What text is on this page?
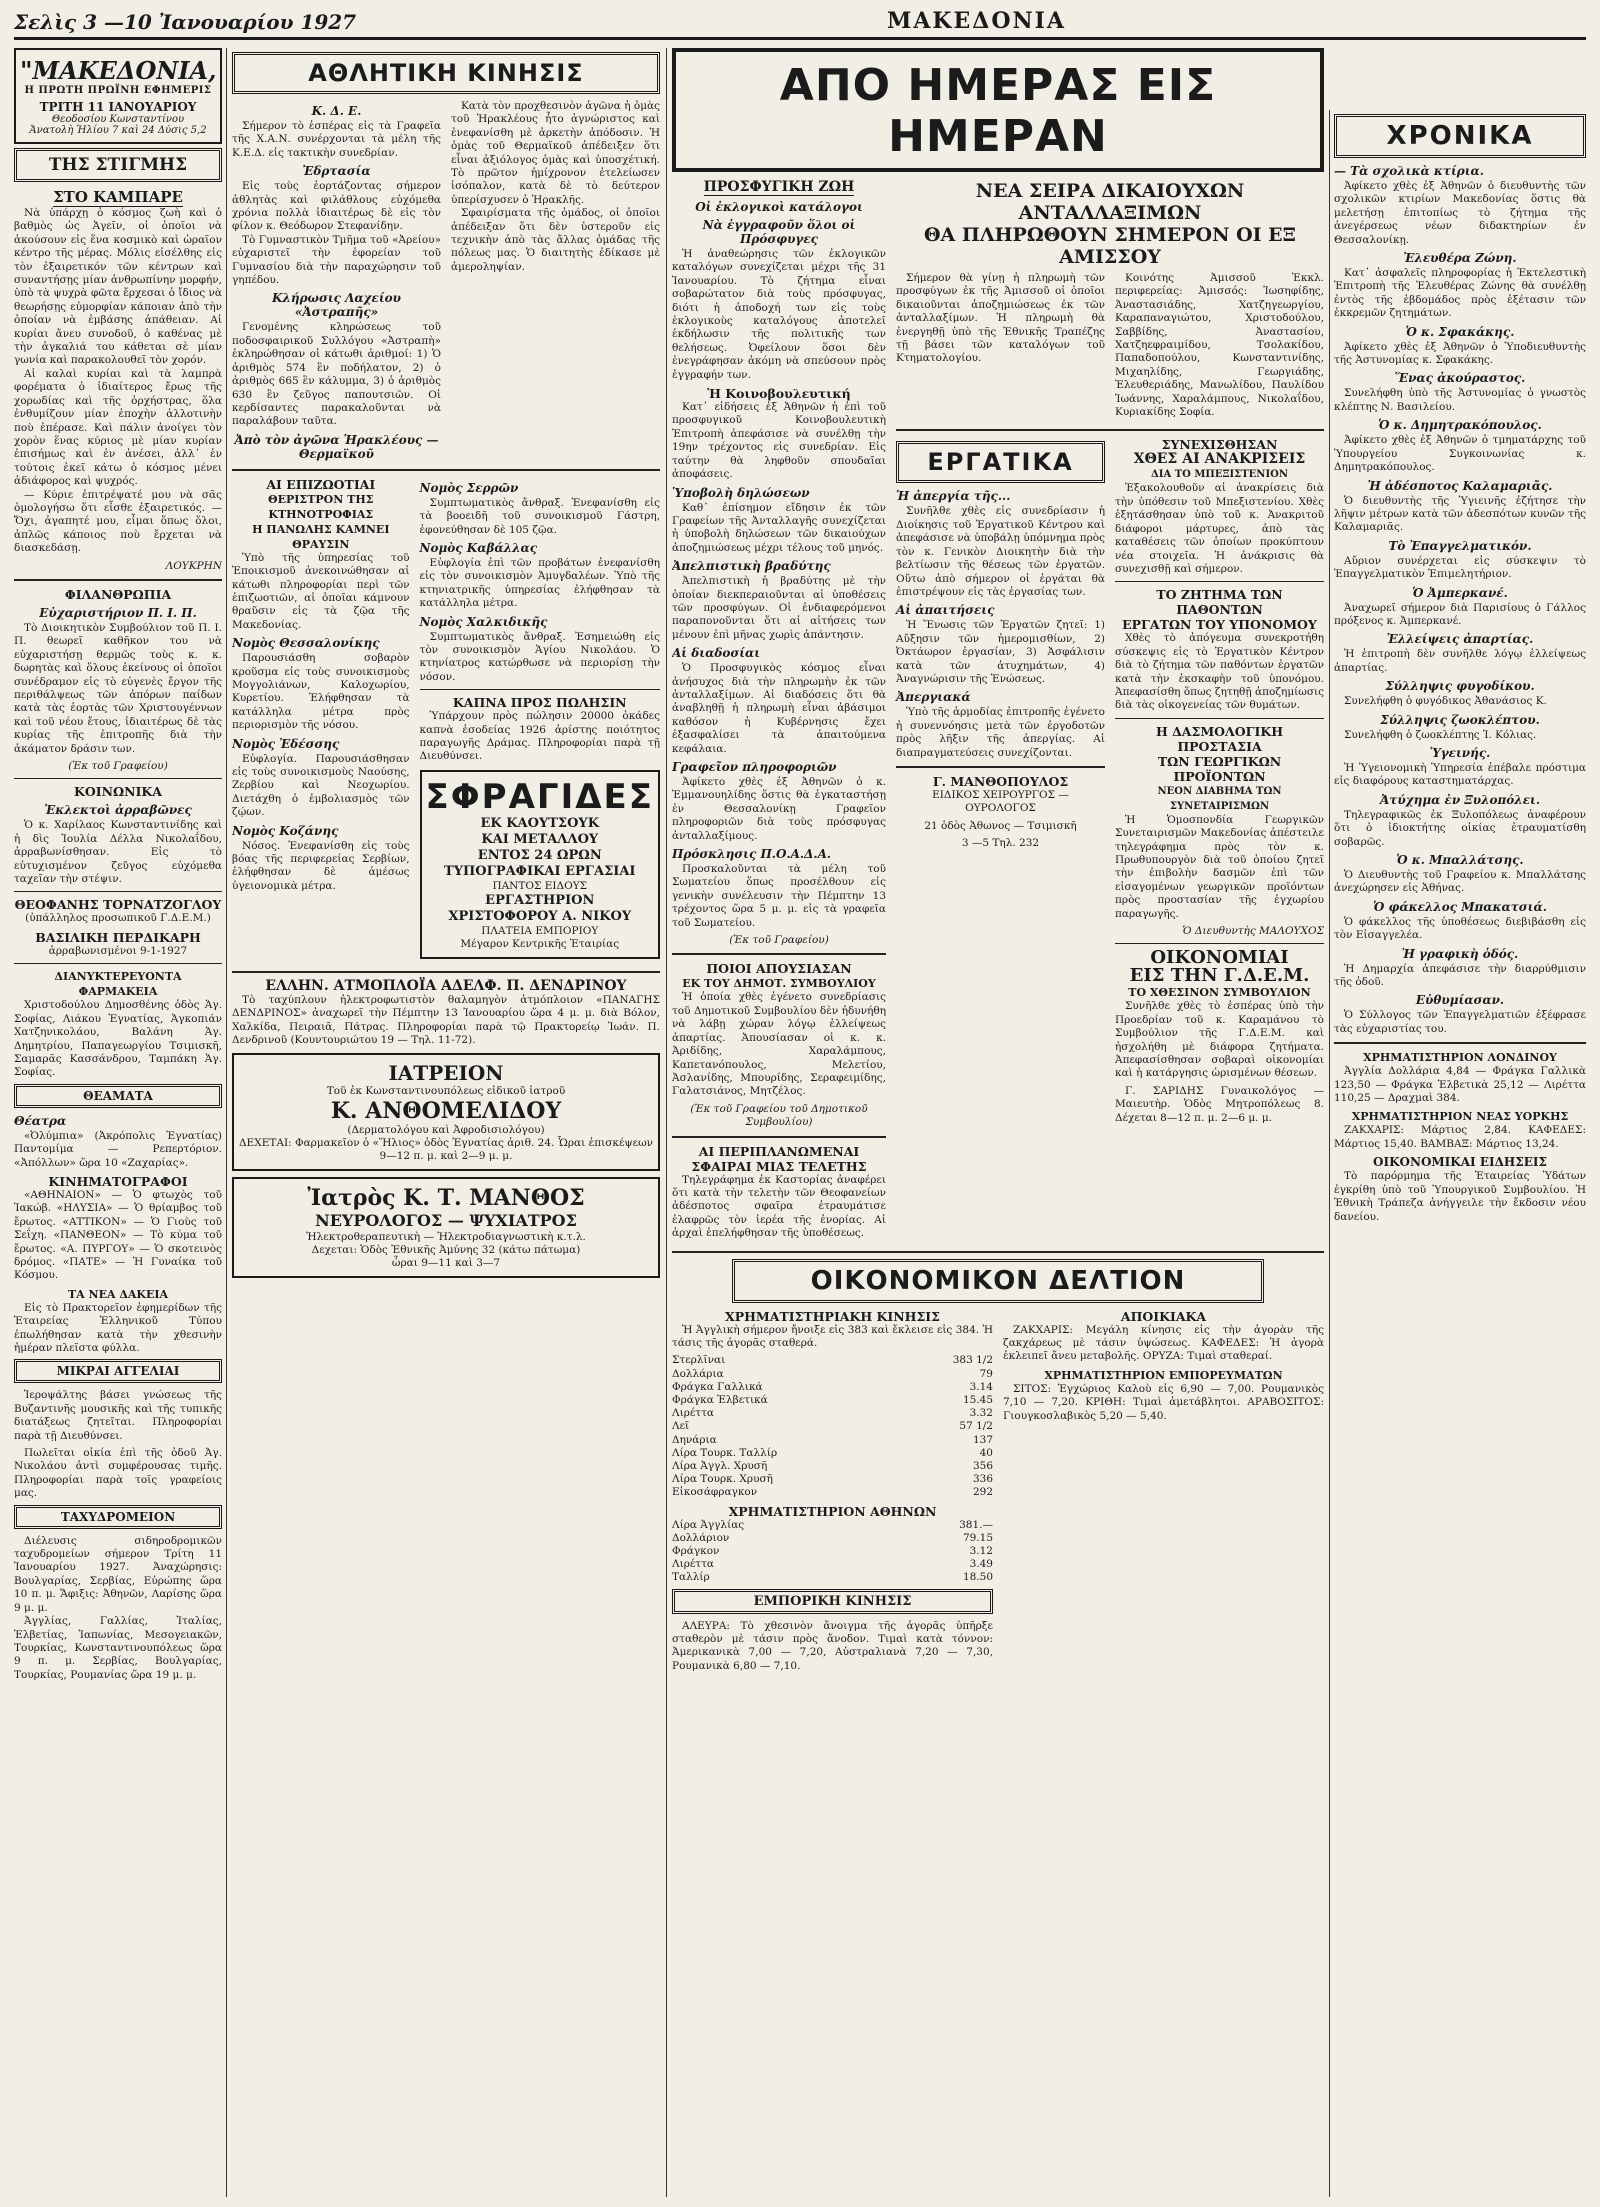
Σελὶς 3 —10 Ἰανουαρίου 1927	ΜΑΚΕΔΟΝΙΑ
"ΜΑΚΕΔΟΝΙΑ,
Η ΠΡΩΤΗ ΠΡΩΪΝΗ ΕΦΗΜΕΡΙΣ
ΤΡΙΤΗ 11 ΙΑΝΟΥΑΡΙΟΥ
Θεοδοσίου Κωνσταντίνου
Ἀνατολὴ Ἡλίου 7 καὶ 24 Δύσις 5,2
ΤΗΣ ΣΤΙΓΜΗΣ
ΣΤΟ ΚΑΜΠΑΡΕ

Νὰ ὑπάρχῃ ὁ κόσμος ζωὴ καὶ ὁ βαθμὸς ὡς Ἀγεῖν, οἱ ὁποῖοι νὰ ἀκούσουν εἰς ἕνα κοσμικὸ καὶ ὡραῖον κέντρο τῆς μέρας. Μόλις εἰσέλθης εἰς τὸν ἐξαιρετικόν τῶν κέντρων καὶ συναντήσῃς μίαν ἀνθρωπίνην μορφήν, ὑπὸ τὰ ψυχρὰ φῶτα ἔρχεσαι ὁ ἴδιος νὰ θεωρήσῃς εὐμορφίαν κάποιαν ἀπὸ τὴν ὁποίαν νὰ ἐμβάσης ἀπάθειαν. Αἱ κυρίαι ἄνευ συνοδοῦ, ὁ καθένας μὲ τὴν ἀγκαλιά του κάθεται σὲ μίαν γωνία καὶ παρακολουθεῖ τὸν χορόν.

Αἰ καλαὶ κυρίαι καὶ τὰ λαμπρὰ φορέματα ὁ ἰδιαίτερος ἔρως τῆς χορωδίας καὶ τῆς ὀρχήστρας, ὅλα ἐνθυμίζουν μίαν ἐποχὴν ἀλλοτινὴν ποὺ ἐπέρασε. Καὶ πάλιν ἀνοίγει τὸν χορὸν ἕνας κύριος μὲ μίαν κυρίαν ἐπισήμως καὶ ἐν ἀνέσει, ἀλλ᾽ ἐν τούτοις ἐκεῖ κάτω ὁ κόσμος μένει ἀδιάφορος καὶ ψυχρός.

— Κύριε ἐπιτρέψατέ μου νὰ σᾶς ὁμολογήσω ὅτι εἶσθε ἐξαιρετικός. — Ὄχι, ἀγαπητέ μου, εἶμαι ὅπως ὅλοι, ἀπλῶς κάποιος ποὺ ἔρχεται νὰ διασκεδάσῃ.

ΛΟΥΚΡΗΝ
ΦΙΛΑΝΘΡΩΠΙΑ
Εὐχαριστήριον Π. Ι. Π.

Τὸ Διοικητικὸν Συμβούλιον τοῦ Π. Ι. Π. θεωρεῖ καθῆκον του νὰ εὐχαριστήσῃ θερμῶς τοὺς κ. κ. δωρητὰς καὶ ὅλους ἐκείνους οἱ ὁποῖοι συνέδραμον εἰς τὸ εὐγενὲς ἔργον τῆς περιθάλψεως τῶν ἀπόρων παίδων κατὰ τὰς ἑορτὰς τῶν Χριστουγέννων καὶ τοῦ νέου ἔτους, ἰδιαιτέρως δὲ τὰς κυρίας τῆς ἐπιτροπῆς διὰ τὴν ἀκάματον δράσιν των.

(Ἐκ τοῦ Γραφείου)
ΚΟΙΝΩΝΙΚΑ
Ἐκλεκτοὶ ἀρραβῶνες

Ὁ κ. Χαρίλαος Κωνσταντινίδης καὶ ἡ δὶς Ἰουλία Δέλλα Νικολαΐδου, ἀρραβωνίσθησαν. Εἰς τὸ εὐτυχισμένον ζεῦγος εὐχόμεθα ταχεῖαν τὴν στέψιν.

ΘΕΟΦΑΝΗΣ ΤΟΡΝΑΤΖΟΓΛΟΥ
(ὑπάλληλος προσωπικοῦ Γ.Δ.Ε.Μ.)
ΒΑΣΙΛΙΚΗ ΠΕΡΔΙΚΑΡΗ
ἀρραβωνισμένοι 9-1-1927
ΔΙΑΝΥΚΤΕΡΕΥΟΝΤΑ ΦΑΡΜΑΚΕΙΑ

Χριστοδούλου Δημοσθένης ὁδὸς Ἁγ. Σοφίας, Λιάκου Ἐγνατίας, Ἀγκοπιάν Χατζηνικολάου, Βαλάνη Ἁγ. Δημητρίου, Παπαγεωργίου Τσιμισκῆ, Σαμαρᾶς Κασσάνδρου, Ταμπάκη Ἁγ. Σοφίας.

ΘΕΑΜΑΤΑ
Θέατρα

«Ὀλύμπια» (Ἀκρόπολις Ἐγνατίας) Παντομίμα — Ρεπερτόριον. «Ἀπόλλων» ὥρα 10 «Ζαχαρίας».

ΚΙΝΗΜΑΤΟΓΡΑΦΟΙ

«ΑΘΗΝΑΙΟΝ» — Ὁ φτωχὸς τοῦ Ἰακώβ. «ΗΛΥΣΙΑ» — Ὁ θρίαμβος τοῦ ἔρωτος. «ΑΤΤΙΚΟΝ» — Ὁ Γιοὺς τοῦ Σεΐχη. «ΠΑΝΘΕΟΝ» — Τὸ κύμα τοῦ ἔρωτος. «Α. ΠΥΡΓΟΥ» — Ὁ σκοτεινὸς δρόμος. «ΠΑΤΕ» — Ἡ Γυναίκα τοῦ Κόσμου.

ΤΑ ΝΕΑ ΔΑΚΕΙΑ

Εἰς τὸ Πρακτορεῖον ἐφημερίδων τῆς Ἑταιρείας Ἑλληνικοῦ Τύπου ἐπωλήθησαν κατὰ τὴν χθεσινὴν ἡμέραν πλεῖστα φύλλα.

ΜΙΚΡΑΙ ΑΓΓΕΛΙΑΙ

Ἱεροψάλτης βάσει γνώσεως τῆς Βυζαντινῆς μουσικῆς καὶ τῆς τυπικῆς διατάξεως ζητεῖται. Πληροφορίαι παρὰ τῇ Διευθύνσει.

Πωλεῖται οἰκία ἐπὶ τῆς ὁδοῦ Ἀγ. Νικολάου ἀντὶ συμφέρουσας τιμῆς. Πληροφορίαι παρὰ τοῖς γραφείοις μας.

ΤΑΧΥΔΡΟΜΕΙΟΝ

Διέλευσις σιδηροδρομικῶν ταχυδρομείων σήμερον Τρίτη 11 Ἰανουαρίου 1927. Ἀναχώρησις: Βουλγαρίας, Σερβίας, Εὐρώπης ὥρα 10 π. μ. Ἄφιξις: Ἀθηνῶν, Λαρίσης ὥρα 9 μ. μ.

Ἀγγλίας, Γαλλίας, Ἰταλίας, Ἑλβετίας, Ἰαπωνίας, Μεσογειακῶν, Τουρκίας, Κωνσταντινουπόλεως ὥρα 9 π. μ. Σερβίας, Βουλγαρίας, Τουρκίας, Ρουμανίας ὥρα 19 μ. μ.

ΑΘΛΗΤΙΚΗ ΚΙΝΗΣΙΣ
Κ. Δ. Ε.

Σήμερον τὸ ἑσπέρας εἰς τὰ Γραφεῖα τῆς Χ.Α.Ν. συνέρχονται τὰ μέλη τῆς Κ.Ε.Δ. εἰς τακτικὴν συνεδρίαν.

Ἐδρτασία

Εἰς τοὺς ἑορτάζοντας σήμερον ἀθλητὰς καὶ φιλάθλους εὐχόμεθα χρόνια πολλὰ ἰδιαιτέρως δὲ εἰς τὸν φίλον κ. Θεόδωρον Στεφανίδην.

Τὸ Γυμναστικὸν Τμῆμα τοῦ «Ἀρείου» εὐχαριστεῖ τὴν ἐφορείαν τοῦ Γυμνασίου διὰ τὴν παραχώρησιν τοῦ γηπέδου.

Κλήρωσις Λαχείου «Ἀστραπῆς»

Γενομένης κληρώσεως τοῦ ποδοσφαιρικοῦ Συλλόγου «Ἀστραπὴ» ἐκληρώθησαν οἱ κάτωθι ἀριθμοί: 1) Ὁ ἀριθμὸς 574 ἓν ποδήλατον, 2) ὁ ἀριθμὸς 665 ἓν κάλυμμα, 3) ὁ ἀριθμὸς 630 ἓν ζεῦγος παπουτσιῶν. Οἱ κερδίσαντες παρακαλοῦνται νὰ παραλάβουν ταῦτα.

Ἀπὸ τὸν ἀγῶνα Ἡρακλέους — Θερμαϊκοῦ

Κατὰ τὸν προχθεσινὸν ἀγῶνα ἡ ὁμὰς τοῦ Ἡρακλέους ἦτο ἀγνώριστος καὶ ἐνεφανίσθη μὲ ἀρκετὴν ἀπόδοσιν. Ἡ ὁμὰς τοῦ Θερμαϊκοῦ ἀπέδειξεν ὅτι εἶναι ἀξιόλογος ὁμὰς καὶ ὑποσχέτική. Τὸ πρῶτον ἡμίχρονον ἐτελείωσεν ἰσόπαλον, κατὰ δὲ τὸ δεύτερον ὑπερίσχυσεν ὁ Ἡρακλῆς.

Σφαιρίσματα τῆς ὁμάδος, οἱ ὁποῖοι ἀπέδειξαν ὅτι δὲν ὑστεροῦν εἰς τεχνικὴν ἀπὸ τὰς ἄλλας ὁμάδας τῆς πόλεως μας. Ὁ διαιτητὴς ἐδίκασε μὲ ἀμεροληψίαν.

ΑΙ ΕΠΙΖΩΟΤΙΑΙ
ΘΕΡΙΣΤΡΟΝ ΤΗΣ ΚΤΗΝΟΤΡΟΦΙΑΣ
Η ΠΑΝΩΛΗΣ ΚΑΜΝΕΙ ΘΡΑΥΣΙΝ

Ὑπὸ τῆς ὑπηρεσίας τοῦ Ἐποικισμοῦ ἀνεκοινώθησαν αἱ κάτωθι πληροφορίαι περὶ τῶν ἐπιζωοτιῶν, αἱ ὁποῖαι κάμνουν θραῦσιν εἰς τὰ ζῷα τῆς Μακεδονίας.

Νομὸς Θεσσαλονίκης

Παρουσιάσθη σοβαρὸν κροῦσμα εἰς τοὺς συνοικισμοὺς Μογγολιάνων, Καλοχωρίου, Κυρετίου. Ἐλήφθησαν τὰ κατάλληλα μέτρα πρὸς περιορισμὸν τῆς νόσου.

Νομὸς Ἐδέσσης

Εὐφλογία. Παρουσιάσθησαν εἰς τοὺς συνοικισμοὺς Ναούσης, Ζερβίου καὶ Νεοχωρίου. Διετάχθη ὁ ἐμβολιασμὸς τῶν ζῴων.

Νομὸς Κοζάνης

Νόσος. Ἐνεφανίσθη εἰς τοὺς βόας τῆς περιφερείας Σερβίων, ἐλήφθησαν δὲ ἀμέσως ὑγειονομικὰ μέτρα.

Νομὸς Σερρῶν

Συμπτωματικὸς ἄνθραξ. Ἐνεφανίσθη εἰς τὰ βοοειδῆ τοῦ συνοικισμοῦ Γάστρη, ἐφονεύθησαν δὲ 105 ζῷα.

Νομὸς Καβάλλας

Εὐφλογία ἐπὶ τῶν προβάτων ἐνεφανίσθη εἰς τὸν συνοικισμὸν Ἀμυγδαλέων. Ὑπὸ τῆς κτηνιατρικῆς ὑπηρεσίας ἐλήφθησαν τὰ κατάλληλα μέτρα.

Νομὸς Χαλκιδικῆς

Συμπτωματικὸς ἄνθραξ. Ἐσημειώθη εἰς τὸν συνοικισμὸν Ἁγίου Νικολάου. Ὁ κτηνίατρος κατώρθωσε νὰ περιορίσῃ τὴν νόσον.

ΚΑΠΝΑ ΠΡΟΣ ΠΩΛΗΣΙΝ

Ὑπάρχουν πρὸς πώλησιν 20000 ὀκάδες καπνὰ ἐσοδείας 1926 ἀρίστης ποιότητος παραγωγῆς Δράμας. Πληροφορίαι παρὰ τῇ Διευθύνσει.

ΣΦΡΑΓΙΔΕΣ
ΕΚ ΚΑΟΥΤΣΟΥΚ
ΚΑΙ ΜΕΤΑΛΛΟΥ
ΕΝΤΟΣ 24 ΩΡΩΝ
ΤΥΠΟΓΡΑΦΙΚΑΙ ΕΡΓΑΣΙΑΙ
ΠΑΝΤΟΣ ΕΙΔΟΥΣ
ΕΡΓΑΣΤΗΡΙΟΝ
ΧΡΙΣΤΟΦΟΡΟΥ Α. ΝΙΚΟΥ
ΠΛΑΤΕΙΑ ΕΜΠΟΡΙΟΥ
Μέγαρον Κεντρικῆς Ἑταιρίας
ΕΛΛΗΝ. ΑΤΜΟΠΛΟΪΑ ΑΔΕΛΦ. Π. ΔΕΝΔΡΙΝΟΥ

Τὸ ταχύπλουν ἠλεκτροφωτιστὸν θαλαμηγὸν ἀτμόπλοιον «ΠΑΝΑΓΗΣ ΔΕΝΔΡΙΝΟΣ» ἀναχωρεῖ τὴν Πέμπτην 13 Ἰανουαρίου ὥρα 4 μ. μ. διὰ Βόλον, Χαλκίδα, Πειραιᾶ, Πάτρας. Πληροφορίαι παρὰ τῷ Πρακτορείῳ Ἰωάν. Π. Δενδρινοῦ (Κουντουριώτου 19 — Τηλ. 11-72).

ΙΑΤΡΕΙΟΝ
Τοῦ ἐκ Κωνσταντινουπόλεως εἰδικοῦ ἰατροῦ
Κ. ΑΝΘΟΜΕΛΙΔΟΥ
(Δερματολόγου καὶ Ἀφροδισιολόγου)
ΔΕΧΕΤΑΙ: Φαρμακεῖον ὁ «Ἥλιος» ὁδὸς Ἐγνατίας ἀριθ. 24. Ὧραι ἐπισκέψεων 9—12 π. μ. καὶ 2—9 μ. μ.
Ἰατρὸς Κ. Τ. ΜΑΝΘΟΣ
ΝΕΥΡΟΛΟΓΟΣ — ΨΥΧΙΑΤΡΟΣ
Ἠλεκτροθεραπευτικὴ — Ἠλεκτροδιαγνωστικὴ κ.τ.λ.
Δεχεται: Ὁδὸς Ἐθνικῆς Ἀμύνης 32 (κάτω πάτωμα)
ὧραι 9—11 καὶ 3—7
ΑΠΟ ΗΜΕΡΑΣ ΕΙΣ ΗΜΕΡΑΝ
ΠΡΟΣΦΥΓΙΚΗ ΖΩΗ
Οἱ ἐκλογικοὶ κατάλογοι
Νὰ ἐγγραφοῦν ὅλοι οἱ Πρόσφυγες

Ἡ ἀναθεώρησις τῶν ἐκλογικῶν καταλόγων συνεχίζεται μέχρι τῆς 31 Ἰανουαρίου. Τὸ ζήτημα εἶναι σοβαρώτατον διὰ τοὺς πρόσφυγας, διότι ἡ ἀποδοχή των εἰς τοὺς ἐκλογικοὺς καταλόγους ἀποτελεῖ ἐκδήλωσιν τῆς πολιτικῆς των θελήσεως. Ὀφείλουν ὅσοι δὲν ἐνεγράφησαν ἀκόμη νὰ σπεύσουν πρὸς ἐγγραφήν των.

Ἡ Κοινοβουλευτική

Κατ᾽ εἰδήσεις ἐξ Ἀθηνῶν ἡ ἐπὶ τοῦ προσφυγικοῦ Κοινοβουλευτικὴ Ἐπιτροπὴ ἀπεφάσισε νὰ συνέλθῃ τὴν 19ην τρέχοντος εἰς συνεδρίαν. Εἰς ταύτην θὰ ληφθοῦν σπουδαῖαι ἀποφάσεις.

Ὑποβολὴ δηλώσεων

Καθ᾽ ἐπίσημον εἴδησιν ἐκ τῶν Γραφείων τῆς Ἀνταλλαγῆς συνεχίζεται ἡ ὑποβολὴ δηλώσεων τῶν δικαιούχων ἀποζημιώσεως μέχρι τέλους τοῦ μηνός.

Ἀπελπιστικὴ βραδύτης

Ἀπελπιστικὴ ἡ βραδύτης μὲ τὴν ὁποίαν διεκπεραιοῦνται αἱ ὑποθέσεις τῶν προσφύγων. Οἱ ἐνδιαφερόμενοι παραπονοῦνται ὅτι αἱ αἰτήσεις των μένουν ἐπὶ μῆνας χωρὶς ἀπάντησιν.

Αἱ διαδοσίαι

Ὁ Προσφυγικὸς κόσμος εἶναι ἀνήσυχος διὰ τὴν πληρωμὴν ἐκ τῶν ἀνταλλαξίμων. Αἱ διαδόσεις ὅτι θὰ ἀναβληθῇ ἡ πληρωμὴ εἶναι ἀβάσιμοι καθόσον ἡ Κυβέρνησις ἔχει ἐξασφαλίσει τὰ ἀπαιτούμενα κεφάλαια.

Γραφεῖον πληροφοριῶν

Ἀφίκετο χθὲς ἐξ Ἀθηνῶν ὁ κ. Ἐμμανουηλίδης ὅστις θὰ ἐγκαταστήσῃ ἐν Θεσσαλονίκῃ Γραφεῖον πληροφοριῶν διὰ τοὺς πρόσφυγας ἀνταλλαξίμους.

Πρόσκλησις Π.Ο.Α.Δ.Α.

Προσκαλοῦνται τὰ μέλη τοῦ Σωματείου ὅπως προσέλθουν εἰς γενικὴν συνέλευσιν τὴν Πέμπτην 13 τρέχοντος ὥρα 5 μ. μ. εἰς τὰ γραφεῖα τοῦ Σωματείου.

(Ἐκ τοῦ Γραφείου)
ΠΟΙΟΙ ΑΠΟΥΣΙΑΣΑΝ
ΕΚ ΤΟΥ ΔΗΜΟΤ. ΣΥΜΒΟΥΛΙΟΥ

Ἡ ὁποία χθὲς ἐγένετο συνεδρίασις τοῦ Δημοτικοῦ Συμβουλίου δὲν ἠδυνήθη νὰ λάβῃ χώραν λόγῳ ἐλλείψεως ἀπαρτίας. Ἀπουσίασαν οἱ κ. κ. Ἀριδίδης, Χαραλάμπους, Καπετανόπουλος, Μελετίου, Ἀσλανίδης, Μπουρίδης, Σεραφειμίδης, Γαλατσιάνος, Μητζέλος.

(Ἐκ τοῦ Γραφείου τοῦ Δημοτικοῦ Συμβουλίου)
ΑΙ ΠΕΡΙΠΛΑΝΩΜΕΝΑΙ
ΣΦΑΙΡΑΙ ΜΙΑΣ ΤΕΛΕΤΗΣ

Τηλεγράφημα ἐκ Καστορίας ἀναφέρει ὅτι κατὰ τὴν τελετὴν τῶν Θεοφανείων ἀδέσποτος σφαῖρα ἐτραυμάτισε ἐλαφρῶς τὸν ἰερέα τῆς ἐνορίας. Αἱ ἀρχαὶ ἐπελήφθησαν τῆς ὑποθέσεως.

ΝΕΑ ΣΕΙΡΑ ΔΙΚΑΙΟΥΧΩΝ ΑΝΤΑΛΛΑΞΙΜΩΝ
ΘΑ ΠΛΗΡΩΘΟΥΝ ΣΗΜΕΡΟΝ ΟΙ ΕΞ ΑΜΙΣΣΟΥ

Σήμερον θὰ γίνῃ ἡ πληρωμὴ τῶν προσφύγων ἐκ τῆς Ἀμισσοῦ οἱ ὁποῖοι δικαιοῦνται ἀποζημιώσεως ἐκ τῶν ἀνταλλαξίμων. Ἡ πληρωμὴ θὰ ἐνεργηθῇ ὑπὸ τῆς Ἐθνικῆς Τραπέζης τῇ βάσει τῶν καταλόγων τοῦ Κτηματολογίου.

Κοινότης Ἀμισσοῦ Ἐκκλ. περιφερείας: Ἀμισσός: Ἰωσηφίδης, Ἀναστασιάδης, Χατζηγεωργίου, Καραπαναγιώτου, Χριστοδούλου, Σαββίδης, Ἀναστασίου, Χατζηεφραιμίδου, Τσολακίδου, Παπαδοπούλου, Κωνσταντινίδης, Μιχαηλίδης, Γεωργιάδης, Ἐλευθεριάδης, Μανωλίδου, Παυλίδου Ἰωάννης, Χαραλάμπους, Νικολαΐδου, Κυριακίδης Σοφία.

ΕΡΓΑΤΙΚΑ
Ἡ ἀπεργία τῆς...

Συνῆλθε χθὲς εἰς συνεδρίασιν ἡ Διοίκησις τοῦ Ἐργατικοῦ Κέντρου καὶ ἀπεφάσισε νὰ ὑποβάλῃ ὑπόμνημα πρὸς τὸν κ. Γενικὸν Διοικητὴν διὰ τὴν βελτίωσιν τῆς θέσεως τῶν ἐργατῶν. Οὕτω ἀπὸ σήμερον οἱ ἐργάται θὰ ἐπιστρέψουν εἰς τὰς ἐργασίας των.

Αἱ ἀπαιτήσεις

Ἡ Ἕνωσις τῶν Ἐργατῶν ζητεῖ: 1) Αὔξησιν τῶν ἡμερομισθίων, 2) Ὀκτάωρον ἐργασίαν, 3) Ἀσφάλισιν κατὰ τῶν ἀτυχημάτων, 4) Ἀναγνώρισιν τῆς Ἑνώσεως.

Ἀπεργιακά

Ὑπὸ τῆς ἁρμοδίας ἐπιτροπῆς ἐγένετο ἡ συνεννόησις μετὰ τῶν ἐργοδοτῶν πρὸς λῆξιν τῆς ἀπεργίας. Αἱ διαπραγματεύσεις συνεχίζονται.

Γ. ΜΑΝΘΟΠΟΥΛΟΣ
ΕΙΔΙΚΟΣ ΧΕΙΡΟΥΡΓΟΣ — ΟΥΡΟΛΟΓΟΣ
21 ὁδὸς Ἀθωνος — Τσιμισκῆ
3 —5 Τηλ. 232
ΣΥΝΕΧΙΣΘΗΣΑΝ
ΧΘΕΣ ΑΙ ΑΝΑΚΡΙΣΕΙΣ
ΔΙΑ ΤΟ ΜΠΕΞΙΣΤΕΝΙΟΝ

Ἐξακολουθοῦν αἱ ἀνακρίσεις διὰ τὴν ὑπόθεσιν τοῦ Μπεξιστενίου. Χθὲς ἐξητάσθησαν ὑπὸ τοῦ κ. Ἀνακριτοῦ διάφοροι μάρτυρες, ἀπὸ τὰς καταθέσεις τῶν ὁποίων προκύπτουν νέα στοιχεῖα. Ἡ ἀνάκρισις θὰ συνεχισθῇ καὶ σήμερον.

ΤΟ ΖΗΤΗΜΑ ΤΩΝ ΠΑΘΟΝΤΩΝ
ΕΡΓΑΤΩΝ ΤΟΥ ΥΠΟΝΟΜΟΥ

Χθὲς τὸ ἀπόγευμα συνεκροτήθη σύσκεψις εἰς τὸ Ἐργατικὸν Κέντρον διὰ τὸ ζήτημα τῶν παθόντων ἐργατῶν κατὰ τὴν ἐκσκαφὴν τοῦ ὑπονόμου. Ἀπεφασίσθη ὅπως ζητηθῇ ἀποζημίωσις διὰ τὰς οἰκογενείας τῶν θυμάτων.

Η ΔΑΣΜΟΛΟΓΙΚΗ ΠΡΟΣΤΑΣΙΑ
ΤΩΝ ΓΕΩΡΓΙΚΩΝ ΠΡΟΪΟΝΤΩΝ
ΝΕΟΝ ΔΙΑΒΗΜΑ ΤΩΝ ΣΥΝΕΤΑΙΡΙΣΜΩΝ

Ἡ Ὁμοσπονδία Γεωργικῶν Συνεταιρισμῶν Μακεδονίας ἀπέστειλε τηλεγράφημα πρὸς τὸν κ. Πρωθυπουργὸν διὰ τοῦ ὁποίου ζητεῖ τὴν ἐπιβολὴν δασμῶν ἐπὶ τῶν εἰσαγομένων γεωργικῶν προϊόντων πρὸς προστασίαν τῆς ἐγχωρίου παραγωγῆς.

Ὁ Διευθυντὴς ΜΑΛΟΥΧΟΣ
ΟΙΚΟΝΟΜΙΑΙ
ΕΙΣ ΤΗΝ Γ.Δ.Ε.Μ.
ΤΟ ΧΘΕΣΙΝΟΝ ΣΥΜΒΟΥΛΙΟΝ

Συνῆλθε χθὲς τὸ ἑσπέρας ὑπὸ τὴν Προεδρίαν τοῦ κ. Καραμάνου τὸ Συμβούλιον τῆς Γ.Δ.Ε.Μ. καὶ ἠσχολήθη μὲ διάφορα ζητήματα. Ἀπεφασίσθησαν σοβαραὶ οἰκονομίαι καὶ ἡ κατάργησις ὡρισμένων θέσεων.

Γ. ΣΑΡΙΔΗΣ Γυναικολόγος — Μαιευτὴρ. Ὁδὸς Μητροπόλεως 8. Δέχεται 8—12 π. μ. 2—6 μ. μ.

ΟΙΚΟΝΟΜΙΚΟΝ ΔΕΛΤΙΟΝ
ΧΡΗΜΑΤΙΣΤΗΡΙΑΚΗ ΚΙΝΗΣΙΣ

Ἡ Ἀγγλικὴ σήμερον ἤνοιξε εἰς 383 καὶ ἔκλεισε εἰς 384. Ἡ τάσις τῆς ἀγορᾶς σταθερά.

Στερλῖναι	383 1/2
Δολλάρια	79
Φράγκα Γαλλικά	3.14
Φράγκα Ἑλβετικά	15.45
Λιρέττα	3.32
Λεῖ	57 1/2
Δηνάρια	137
Λίρα Τουρκ. Ταλλίρ	40
Λίρα Ἀγγλ. Χρυσῆ	356
Λίρα Τουρκ. Χρυσῆ	336
Εἰκοσάφραγκον	292
ΧΡΗΜΑΤΙΣΤΗΡΙΟΝ ΑΘΗΝΩΝ
Λίρα Ἀγγλίας	381.—
Δολλάριον	79.15
Φράγκον	3.12
Λιρέττα	3.49
Ταλλίρ	18.50
ΕΜΠΟΡΙΚΗ ΚΙΝΗΣΙΣ

ΑΛΕΥΡΑ: Τὸ χθεσινὸν ἄνοιγμα τῆς ἀγορᾶς ὑπῆρξε σταθερὸν μὲ τάσιν πρὸς ἄνοδον. Τιμαὶ κατὰ τόννον: Ἀμερικανικὰ 7,00 — 7,20, Αὐστραλιανὰ 7,20 — 7,30, Ρουμανικὰ 6,80 — 7,10.

ΑΠΟΙΚΙΑΚΑ

ΖΑΚΧΑΡΙΣ: Μεγάλη κίνησις εἰς τὴν ἀγορὰν τῆς ζακχάρεως μὲ τάσιν ὑψώσεως. ΚΑΦΕΔΕΣ: Ἡ ἀγορὰ ἐκλειπεῖ ἄνευ μεταβολῆς. ΟΡΥΖΑ: Τιμαὶ σταθεραί.

ΧΡΗΜΑΤΙΣΤΗΡΙΟΝ ΕΜΠΟΡΕΥΜΑΤΩΝ

ΣΙΤΟΣ: Ἐγχώριος Καλοὺ εἰς 6,90 — 7,00. Ρουμανικὸς 7,10 — 7,20. ΚΡΙΘΗ: Τιμαὶ ἀμετάβλητοι. ΑΡΑΒΟΣΙΤΟΣ: Γιουγκοσλαβικὸς 5,20 — 5,40.

ΧΡΟΝΙΚΑ
— Τὰ σχολικὰ κτίρια.

Ἀφίκετο χθὲς ἐξ Ἀθηνῶν ὁ διευθυντὴς τῶν σχολικῶν κτιρίων Μακεδονίας ὅστις θὰ μελετήσῃ ἐπιτοπίως τὸ ζήτημα τῆς ἀνεγέρσεως νέων διδακτηρίων ἐν Θεσσαλονίκῃ.

Ἐλευθέρα Ζώνη.

Κατ᾽ ἀσφαλεῖς πληροφορίας ἡ Ἐκτελεστικὴ Ἐπιτροπὴ τῆς Ἐλευθέρας Ζώνης θὰ συνέλθῃ ἐντὸς τῆς ἑβδομάδος πρὸς ἐξέτασιν τῶν ἐκκρεμῶν ζητημάτων.

Ὁ κ. Σφακάκης.

Ἀφίκετο χθὲς ἐξ Ἀθηνῶν ὁ Ὑποδιευθυντὴς τῆς Ἀστυνομίας κ. Σφακάκης.

Ἕνας ἀκούραστος.

Συνελήφθη ὑπὸ τῆς Ἀστυνομίας ὁ γνωστὸς κλέπτης Ν. Βασιλείου.

Ὁ κ. Δημητρακόπουλος.

Ἀφίκετο χθὲς ἐξ Ἀθηνῶν ὁ τμηματάρχης τοῦ Ὑπουργείου Συγκοινωνίας κ. Δημητρακόπουλος.

Ἡ ἀδέσποτος Καλαμαριᾶς.

Ὁ διευθυντὴς τῆς Ὑγιεινῆς ἐζήτησε τὴν λῆψιν μέτρων κατὰ τῶν ἀδεσπότων κυνῶν τῆς Καλαμαριᾶς.

Τὸ Ἐπαγγελματικόν.

Αὔριον συνέρχεται εἰς σύσκεψιν τὸ Ἐπαγγελματικὸν Ἐπιμελητήριον.

Ὁ Ἀμπερκανέ.

Ἀναχωρεῖ σήμερον διὰ Παρισίους ὁ Γάλλος πρόξενος κ. Ἀμπερκανέ.

Ἑλλείψεις ἀπαρτίας.

Ἡ ἐπιτροπὴ δὲν συνῆλθε λόγῳ ἐλλείψεως ἀπαρτίας.

Σύλληψις φυγοδίκου.

Συνελήφθη ὁ φυγόδικος Ἀθανάσιος Κ.

Σύλληψις ζωοκλέπτου.

Συνελήφθη ὁ ζωοκλέπτης Ἰ. Κόλιας.

Ὑγεινής.

Ἡ Ὑγειονομικὴ Ὑπηρεσία ἐπέβαλε πρόστιμα εἰς διαφόρους καταστηματάρχας.

Ἀτύχημα ἐν Ξυλοπόλει.

Τηλεγραφικῶς ἐκ Ξυλοπόλεως ἀναφέρουν ὅτι ὁ ἰδιοκτήτης οἰκίας ἐτραυματίσθη σοβαρῶς.

Ὁ κ. Μπαλλάτσης.

Ὁ Διευθυντὴς τοῦ Γραφείου κ. Μπαλλάτσης ἀνεχώρησεν εἰς Ἀθήνας.

Ὁ φάκελλος Μπακατσιά.

Ὁ φάκελλος τῆς ὑποθέσεως διεβιβάσθη εἰς τὸν Εἰσαγγελέα.

Ἡ γραφικὴ ὁδός.

Ἡ Δημαρχία ἀπεφάσισε τὴν διαρρύθμισιν τῆς ὁδοῦ.

Εὐθυμίασαν.

Ὁ Σύλλογος τῶν Ἐπαγγελματιῶν ἐξέφρασε τὰς εὐχαριστίας του.

ΧΡΗΜΑΤΙΣΤΗΡΙΟΝ ΛΟΝΔΙΝΟΥ

Ἀγγλία Δολλάρια 4,84 — Φράγκα Γαλλικὰ 123,50 — Φράγκα Ἑλβετικὰ 25,12 — Λιρέττα 110,25 — Δραχμαὶ 384.

ΧΡΗΜΑΤΙΣΤΗΡΙΟΝ ΝΕΑΣ ΥΟΡΚΗΣ

ΖΑΚΧΑΡΙΣ: Μάρτιος 2,84. ΚΑΦΕΔΕΣ: Μάρτιος 15,40. ΒΑΜΒΑΞ: Μάρτιος 13,24.

ΟΙΚΟΝΟΜΙΚΑΙ ΕΙΔΗΣΕΙΣ

Τὸ παρόρμημα τῆς Ἑταιρείας Ὑδάτων ἐγκρίθη ὑπὸ τοῦ Ὑπουργικοῦ Συμβουλίου. Ἡ Ἐθνικὴ Τράπεζα ἀνήγγειλε τὴν ἔκδοσιν νέου δανείου.
